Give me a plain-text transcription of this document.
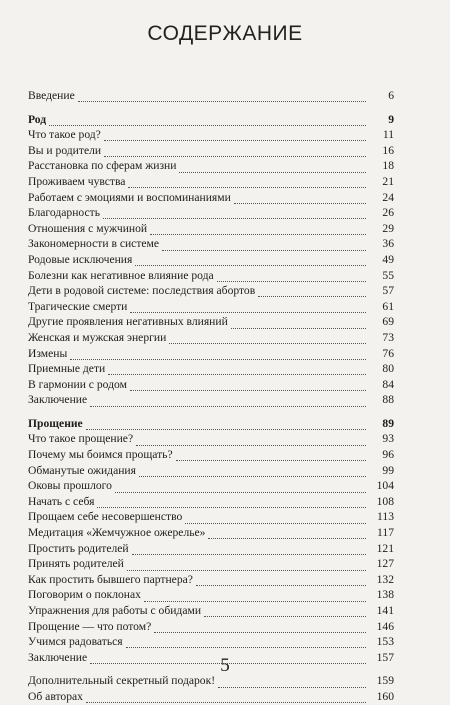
СОДЕРЖАНИЕ
Введение	6
Род	9
Что такое род?	11
Вы и родители	16
Расстановка по сферам жизни	18
Проживаем чувства	21
Работаем с эмоциями и воспоминаниями	24
Благодарность	26
Отношения с мужчиной	29
Закономерности в системе	36
Родовые исключения	49
Болезни как негативное влияние рода	55
Дети в родовой системе: последствия абортов	57
Трагические смерти	61
Другие проявления негативных влияний	69
Женская и мужская энергии	73
Измены	76
Приемные дети	80
В гармонии с родом	84
Заключение	88
Прощение	89
Что такое прощение?	93
Почему мы боимся прощать?	96
Обманутые ожидания	99
Оковы прошлого	104
Начать с себя	108
Прощаем себе несовершенство	113
Медитация «Жемчужное ожерелье»	117
Простить родителей	121
Принять родителей	127
Как простить бывшего партнера?	132
Поговорим о поклонах	138
Упражнения для работы с обидами	141
Прощение — что потом?	146
Учимся радоваться	153
Заключение	157
Дополнительный секретный подарок!	159
Об авторах	160
5
